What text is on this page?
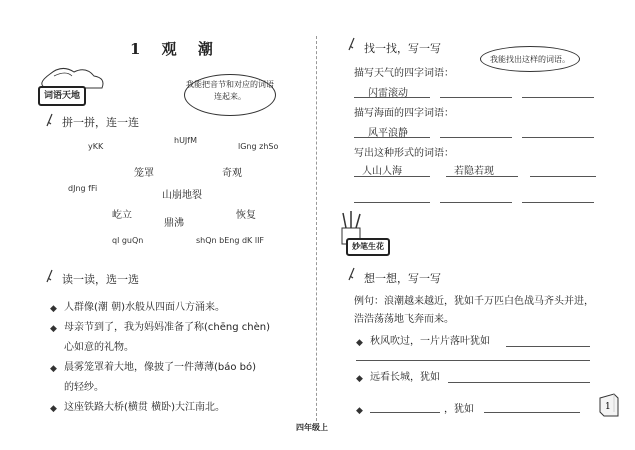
1 观 潮
词语天地
我能把音节和对应的词语连起来。
拼一拼，连一连
yKK
hUJfM
lGng zhSo
笼罩	奇观
dJng fFi
山崩地裂
屹立
鼎沸
恢复
ql guQn	shQn bEng dK lIF
读一读，选一选
◆ 人群像(潮 朝)水般从四面八方涌来。
◆ 母亲节到了，我为妈妈准备了称(chēng chèn)
心如意的礼物。
◆ 晨雾笼罩着大地，像披了一件薄薄(báo bó)
的轻纱。
◆ 这座铁路大桥(横贯 横卧)大江南北。
找一找，写一写
我能找出这样的词语。
描写天气的四字词语：
闪雷滚动
描写海面的四字词语：
风平浪静
写出这种形式的词语：
人山人海	若隐若现
妙笔生花
想一想，写一写
例句：浪潮越来越近，犹如千万匹白色战马齐头并进，
浩浩荡荡地飞奔而来。
◆ 秋风吹过，一片片落叶犹如
◆ 远看长城，犹如
◆	，犹如	1
四年级上
